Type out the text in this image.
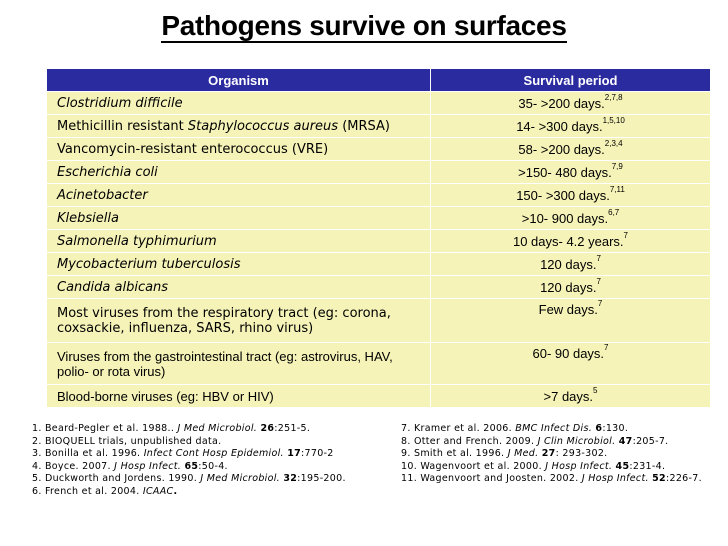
Pathogens survive on surfaces
Organism	Survival period
Clostridium difficile	35- >200 days.$^{2,7,8}$
Methicillin resistant Staphylococcus aureus (MRSA)	14- >300 days.$^{1,5,10}$
Vancomycin-resistant enterococcus (VRE)	58- >200 days.$^{2,3,4}$
Escherichia coli	>150- 480 days.$^{7,9}$
Acinetobacter	150- >300 days.$^{7,11}$
Klebsiella	>10- 900 days.$^{6,7}$
Salmonella typhimurium	10 days- 4.2 years.$^7$
Mycobacterium tuberculosis	120 days.$^7$
Candida albicans	120 days.$^7$
Most viruses from the respiratory tract (eg: corona, coxsackie, influenza, SARS, rhino virus)	Few days.$^7$
Viruses from the gastrointestinal tract (eg: astrovirus, HAV, polio- or rota virus)	60- 90 days.$^7$
Blood-borne viruses (eg: HBV or HIV)	>7 days.$^5$
1. Beard-Pegler et al. 1988.. J Med Microbiol. 26:251-5.
2. BIOQUELL trials, unpublished data.
3. Bonilla et al. 1996. Infect Cont Hosp Epidemiol. 17:770-2
4. Boyce. 2007. J Hosp Infect. 65:50-4.
5. Duckworth and Jordens. 1990. J Med Microbiol. 32:195-200.
6. French et al. 2004. ICAAC.
7. Kramer et al. 2006. BMC Infect Dis. 6:130.
8. Otter and French. 2009. J Clin Microbiol. 47:205-7.
9. Smith et al. 1996. J Med. 27: 293-302.
10. Wagenvoort et al. 2000. J Hosp Infect. 45:231-4.
11. Wagenvoort and Joosten. 2002. J Hosp Infect. 52:226-7.
